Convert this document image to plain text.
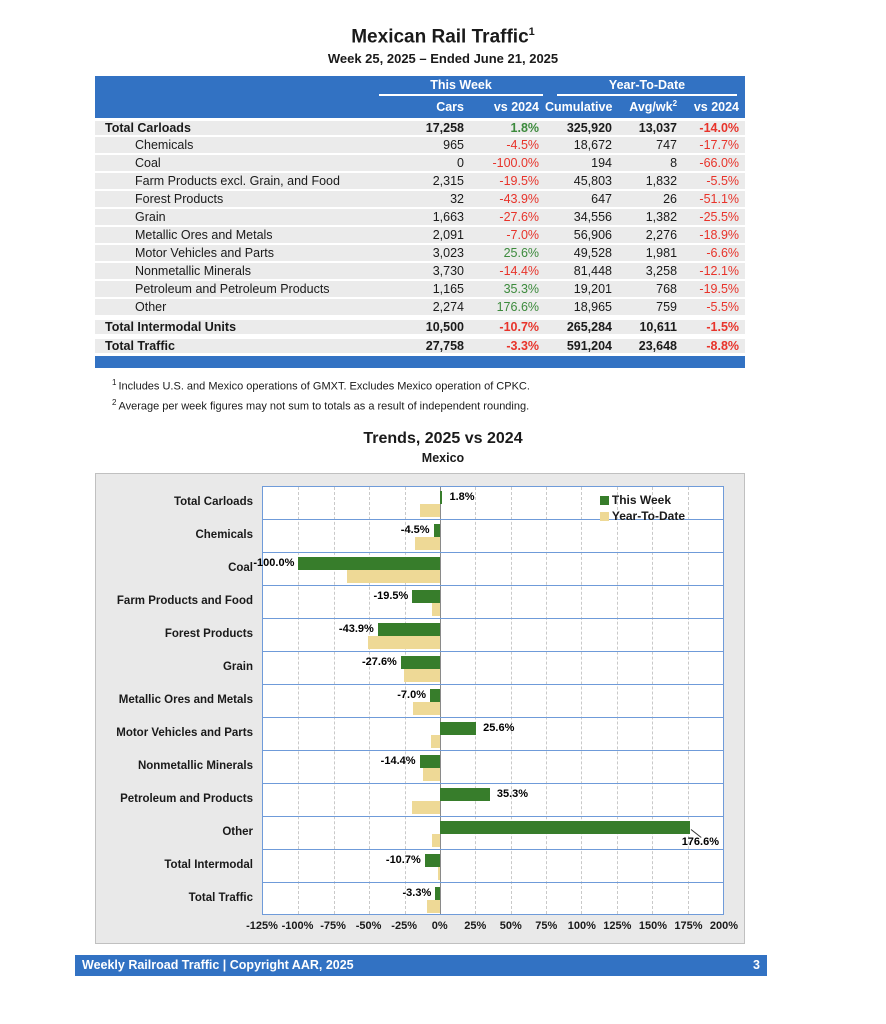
Mexican Rail Traffic$^1$
Week 25, 2025 – Ended June 21, 2025

	This Week		Year-To-Date		

	Cars	vs 2024	Cumulative	Avg/$wk^2$	vs 2024
Total Carloads	17,258	1.8%	325,920	13,037	-14.0%
Chemicals	965	-4.5%	18,672	747	-17.7%
Coal	0	-100.0%	194	8	-66.0%
Farm Products excl. Grain, and Food	2,315	-19.5%	45,803	1,832	-5.5%
Forest Products	32	-43.9%	647	26	-51.1%
Grain	1,663	-27.6%	34,556	1,382	-25.5%
Metallic Ores and Metals	2,091	-7.0%	56,906	2,276	-18.9%
Motor Vehicles and Parts	3,023	25.6%	49,528	1,981	-6.6%
Nonmetallic Minerals	3,730	-14.4%	81,448	3,258	-12.1%
Petroleum and Petroleum Products	1,165	35.3%	19,201	768	-19.5%
Other	2,274	176.6%	18,965	759	-5.5%
Total Intermodal Units	10,500	-10.7%	265,284	10,611	-1.5%
Total Traffic	27,758	-3.3%	591,204	23,648	-8.8%
$^1$ Includes U.S. and Mexico operations of GMXT. Excludes Mexico operation of CPKC.
$^2$ Average per week figures may not sum to totals as a result of independent rounding.
Trends, 2025 vs 2024
Mexico
Total Carloads
Chemicals
Coal
Farm Products and Food
Forest Products
Grain
Metallic Ores and Metals
Motor Vehicles and Parts
Nonmetallic Minerals
Petroleum and Products
Other
Total Intermodal
Total Traffic
This Week
Year-To-Date
1.8%
-4.5%
-100.0%
-19.5%
-43.9%
-27.6%
-7.0%
25.6%
-14.4%
35.3%
176.6%
-10.7%
-3.3%
-125% -100% -75% -50% -25% 0% 25% 50% 75% 100% 125% 150% 175% 200%
Weekly Railroad Traffic | Copyright AAR, 2025	3
